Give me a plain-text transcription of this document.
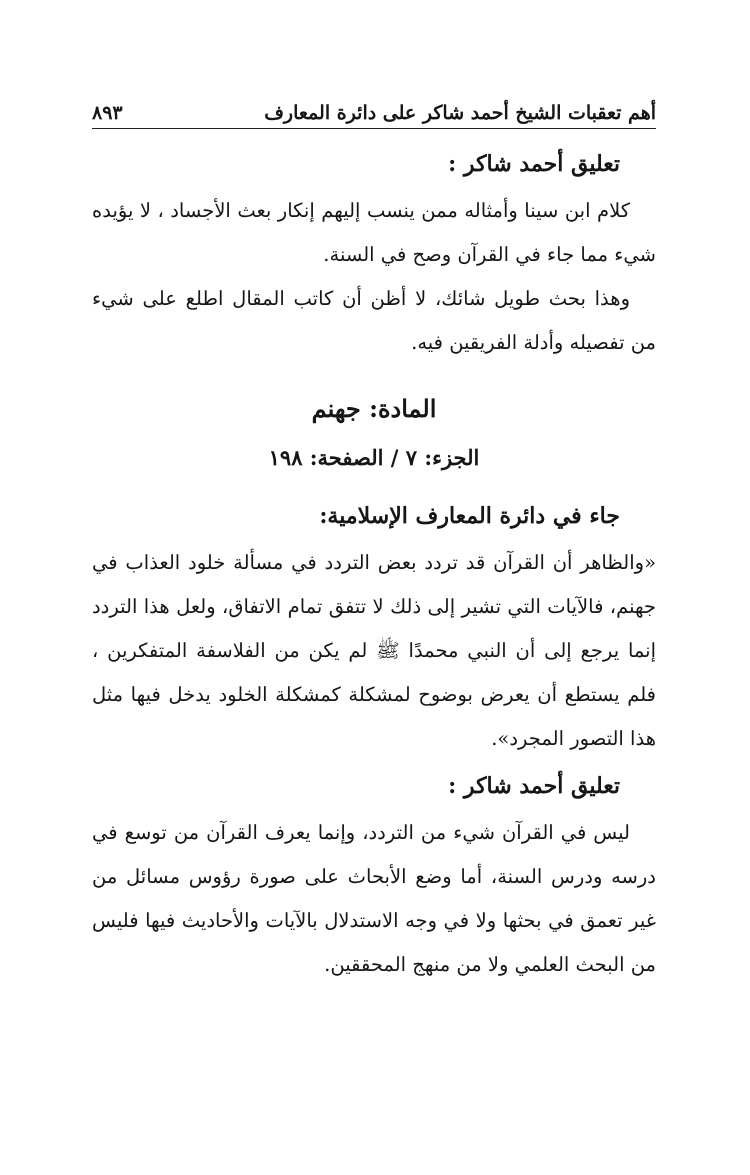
أهم تعقبات الشيخ أحمد شاكر على دائرة المعارف
٨٩٣

تعليق أحمد شاكر :

كلام ابن سينا وأمثاله ممن ينسب إليهم إنكار بعث الأجساد ، لا يؤيده شيء مما جاء في القرآن وصح في السنة.

وهذا بحث طويل شائك، لا أظن أن كاتب المقال اطلع على شيء من تفصيله وأدلة الفريقين فيه.

المادة: جهنم

الجزء: ٧ / الصفحة: ١٩٨

جاء في دائرة المعارف الإسلامية:

«والظاهر أن القرآن قد تردد بعض التردد في مسألة خلود العذاب في جهنم، فالآيات التي تشير إلى ذلك لا تتفق تمام الاتفاق، ولعل هذا التردد إنما يرجع إلى أن النبي محمدًا ﷺ لم يكن من الفلاسفة المتفكرين ، فلم يستطع أن يعرض بوضوح لمشكلة كمشكلة الخلود يدخل فيها مثل هذا التصور المجرد».

تعليق أحمد شاكر :

ليس في القرآن شيء من التردد، وإنما يعرف القرآن من توسع في درسه ودرس السنة، أما وضع الأبحاث على صورة رؤوس مسائل من غير تعمق في بحثها ولا في وجه الاستدلال بالآيات والأحاديث فيها فليس من البحث العلمي ولا من منهج المحققين.
